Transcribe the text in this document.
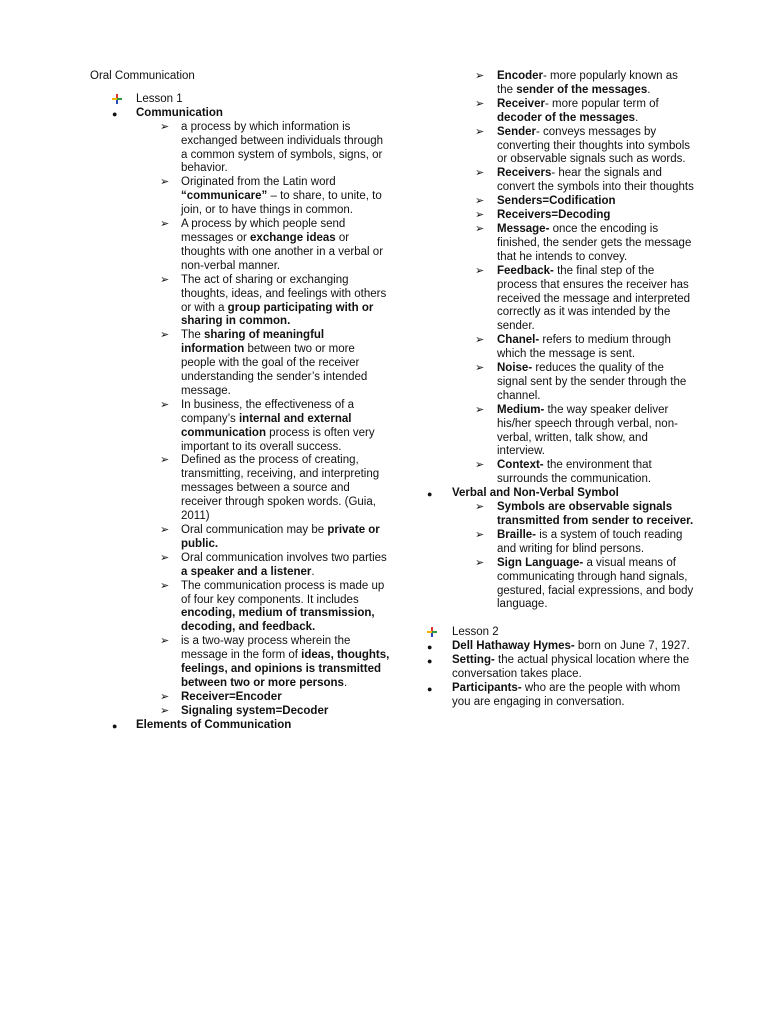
Oral Communication
Lesson 1
● Communication
➢ a process by which information is exchanged between individuals through a common system of symbols, signs, or behavior.
➢ Originated from the Latin word “communicare” – to share, to unite, to join, or to have things in common.
➢ A process by which people send messages or exchange ideas or thoughts with one another in a verbal or non-verbal manner.
➢ The act of sharing or exchanging thoughts, ideas, and feelings with others or with a group participating with or sharing in common.
➢ The sharing of meaningful information between two or more people with the goal of the receiver understanding the sender’s intended message.
➢ In business, the effectiveness of a company’s internal and external communication process is often very important to its overall success.
➢ Defined as the process of creating, transmitting, receiving, and interpreting messages between a source and receiver through spoken words. (Guia, 2011)
➢ Oral communication may be private or public.
➢ Oral communication involves two parties a speaker and a listener.
➢ The communication process is made up of four key components. It includes encoding, medium of transmission, decoding, and feedback.
➢ is a two-way process wherein the message in the form of ideas, thoughts, feelings, and opinions is transmitted between two or more persons.
➢ Receiver=Encoder
➢ Signaling system=Decoder
● Elements of Communication
➢ Encoder- more popularly known as the sender of the messages.
➢ Receiver- more popular term of decoder of the messages.
➢ Sender- conveys messages by converting their thoughts into symbols or observable signals such as words.
➢ Receivers- hear the signals and convert the symbols into their thoughts
➢ Senders=Codification
➢ Receivers=Decoding
➢ Message- once the encoding is finished, the sender gets the message that he intends to convey.
➢ Feedback- the final step of the process that ensures the receiver has received the message and interpreted correctly as it was intended by the sender.
➢ Chanel- refers to medium through which the message is sent.
➢ Noise- reduces the quality of the signal sent by the sender through the channel.
➢ Medium- the way speaker deliver his/her speech through verbal, non-verbal, written, talk show, and interview.
➢ Context- the environment that surrounds the communication.
● Verbal and Non-Verbal Symbol
➢ Symbols are observable signals transmitted from sender to receiver.
➢ Braille- is a system of touch reading and writing for blind persons.
➢ Sign Language- a visual means of communicating through hand signals, gestured, facial expressions, and body language.
Lesson 2
● Dell Hathaway Hymes- born on June 7, 1927.
● Setting- the actual physical location where the conversation takes place.
● Participants- who are the people with whom you are engaging in conversation.
